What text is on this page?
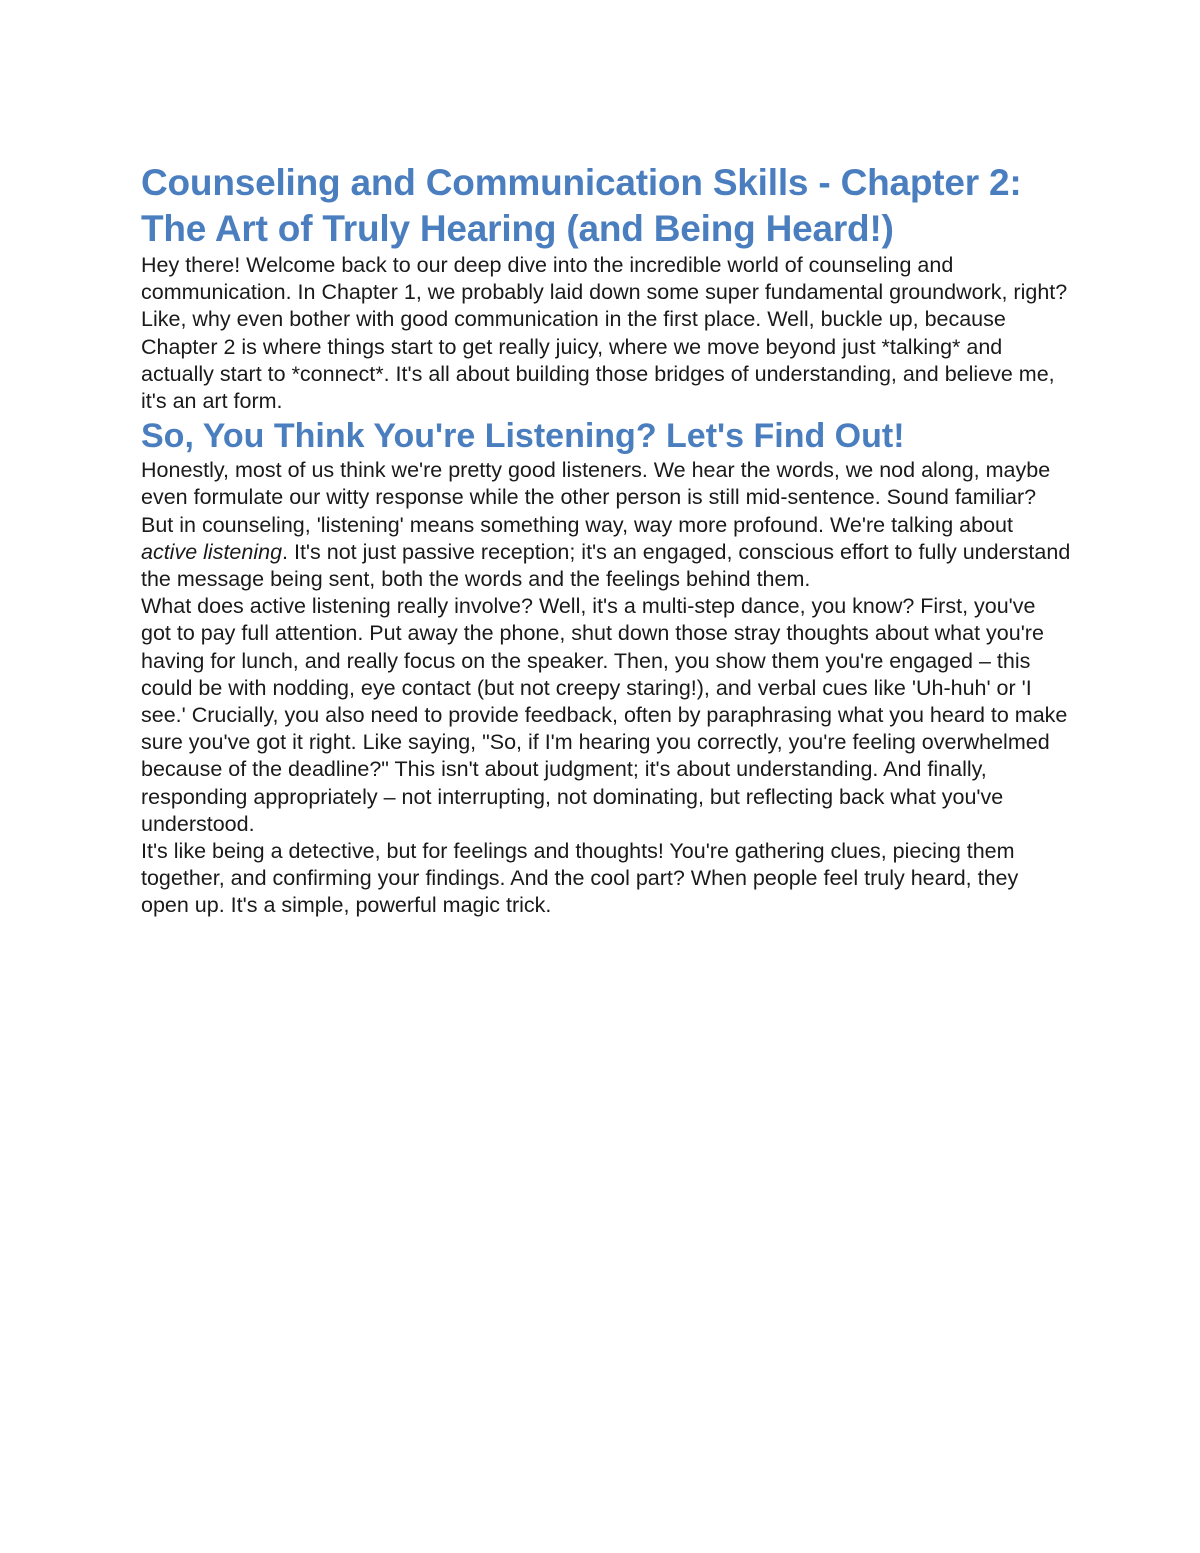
Counseling and Communication Skills - Chapter 2: The Art of Truly Hearing (and Being Heard!)

Hey there! Welcome back to our deep dive into the incredible world of counseling and communication. In Chapter 1, we probably laid down some super fundamental groundwork, right? Like, why even bother with good communication in the first place. Well, buckle up, because Chapter 2 is where things start to get really juicy, where we move beyond just *talking* and actually start to *connect*. It's all about building those bridges of understanding, and believe me, it's an art form.

So, You Think You're Listening? Let's Find Out!

Honestly, most of us think we're pretty good listeners. We hear the words, we nod along, maybe even formulate our witty response while the other person is still mid-sentence. Sound familiar? But in counseling, 'listening' means something way, way more profound. We're talking about active listening. It's not just passive reception; it's an engaged, conscious effort to fully understand the message being sent, both the words and the feelings behind them.

What does active listening really involve? Well, it's a multi-step dance, you know? First, you've got to pay full attention. Put away the phone, shut down those stray thoughts about what you're having for lunch, and really focus on the speaker. Then, you show them you're engaged – this could be with nodding, eye contact (but not creepy staring!), and verbal cues like 'Uh-huh' or 'I see.' Crucially, you also need to provide feedback, often by paraphrasing what you heard to make sure you've got it right. Like saying, "So, if I'm hearing you correctly, you're feeling overwhelmed because of the deadline?" This isn't about judgment; it's about understanding. And finally, responding appropriately – not interrupting, not dominating, but reflecting back what you've understood.

It's like being a detective, but for feelings and thoughts! You're gathering clues, piecing them together, and confirming your findings. And the cool part? When people feel truly heard, they open up. It's a simple, powerful magic trick.
